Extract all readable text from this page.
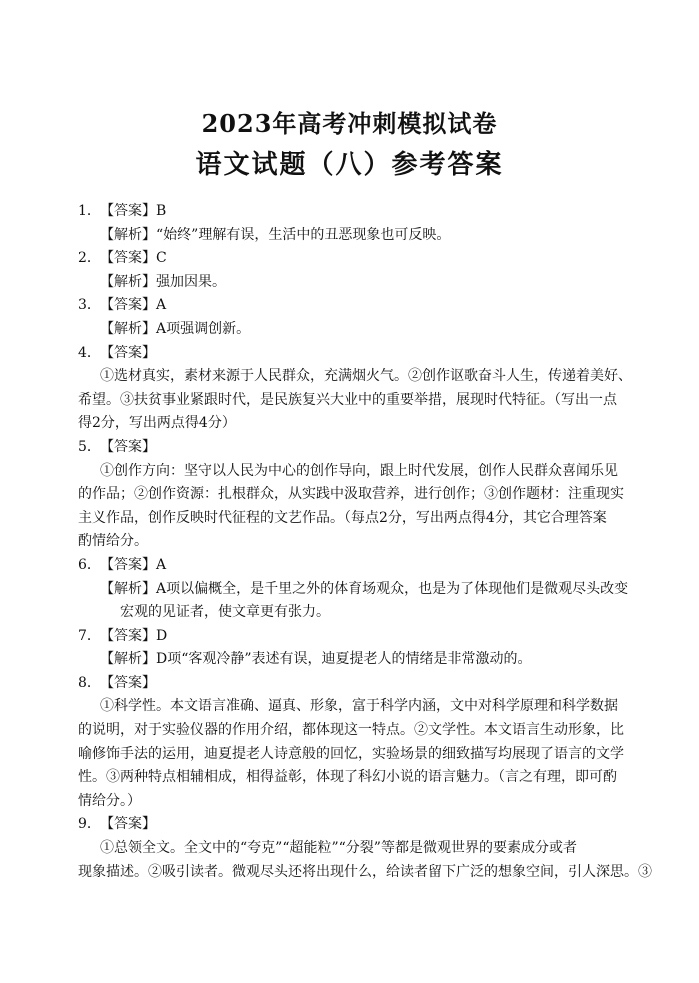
2023年高考冲刺模拟试卷
语文试题（八）参考答案
1．【答案】B
【解析】“始终”理解有误，生活中的丑恶现象也可反映。
2．【答案】C
【解析】强加因果。
3．【答案】A
【解析】A项强调创新。
4．【答案】
①选材真实，素材来源于人民群众，充满烟火气。②创作讴歌奋斗人生，传递着美好、
希望。③扶贫事业紧跟时代，是民族复兴大业中的重要举措，展现时代特征。（写出一点
得2分，写出两点得4分）
5．【答案】
①创作方向：坚守以人民为中心的创作导向，跟上时代发展，创作人民群众喜闻乐见
的作品；②创作资源：扎根群众，从实践中汲取营养，进行创作；③创作题材：注重现实
主义作品，创作反映时代征程的文艺作品。（每点2分，写出两点得4分，其它合理答案
酌情给分。
6．【答案】A
【解析】A项以偏概全，是千里之外的体育场观众，也是为了体现他们是微观尽头改变
宏观的见证者，使文章更有张力。
7．【答案】D
【解析】D项“客观冷静”表述有误，迪夏提老人的情绪是非常激动的。
8．【答案】
①科学性。本文语言准确、逼真、形象，富于科学内涵，文中对科学原理和科学数据
的说明，对于实验仪器的作用介绍，都体现这一特点。②文学性。本文语言生动形象，比
喻修饰手法的运用，迪夏提老人诗意般的回忆，实验场景的细致描写均展现了语言的文学
性。③两种特点相辅相成，相得益彰，体现了科幻小说的语言魅力。（言之有理，即可酌
情给分。）
9．【答案】
①总领全文。全文中的“夸克”“超能粒”“分裂”等都是微观世界的要素成分或者
现象描述。②吸引读者。微观尽头还将出现什么，给读者留下广泛的想象空间，引人深思。③
